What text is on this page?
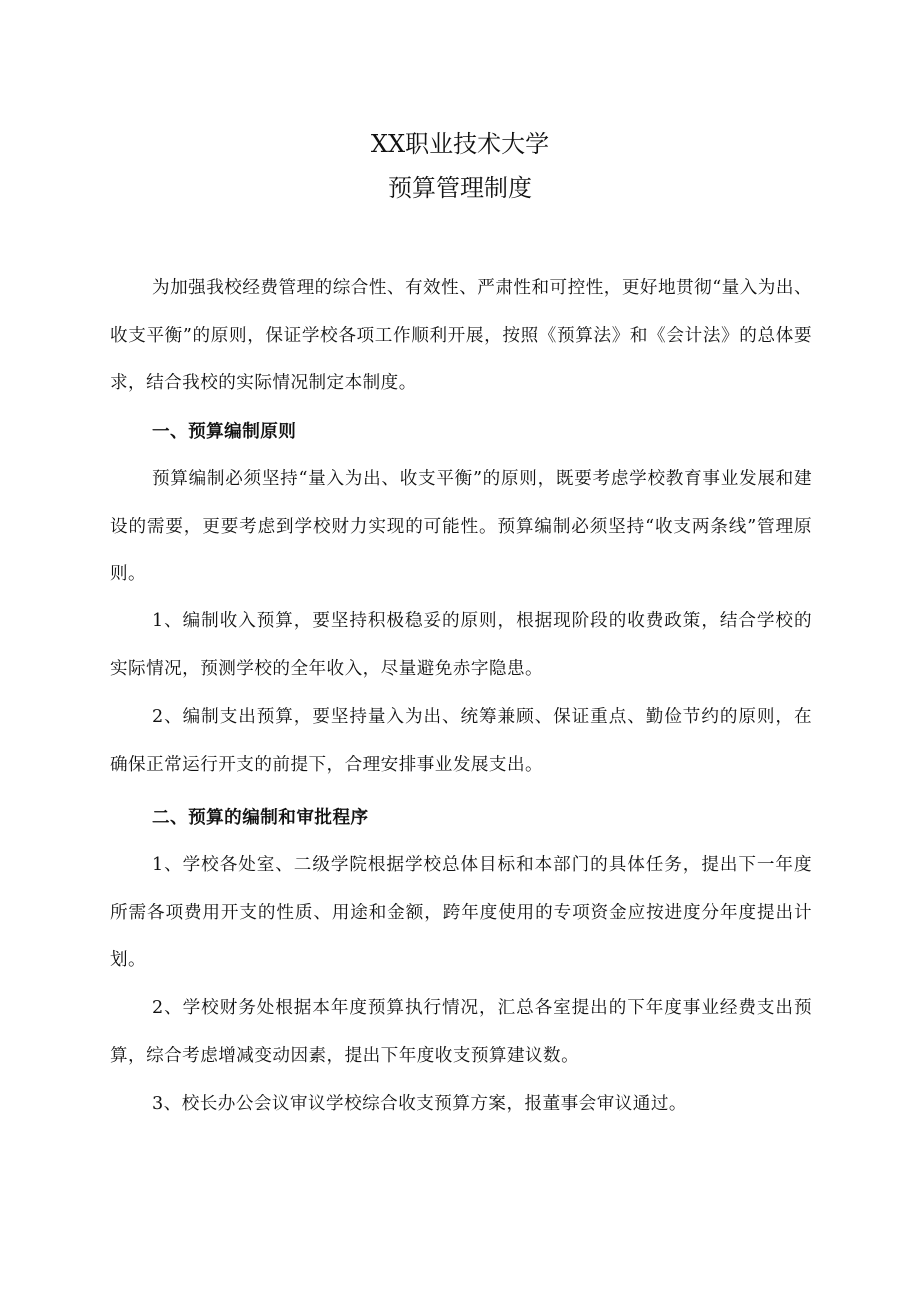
XX职业技术大学
预算管理制度

为加强我校经费管理的综合性、有效性、严肃性和可控性，更好地贯彻“量入为出、收支平衡”的原则，保证学校各项工作顺利开展，按照《预算法》和《会计法》的总体要求，结合我校的实际情况制定本制度。

一、预算编制原则

预算编制必须坚持“量入为出、收支平衡”的原则，既要考虑学校教育事业发展和建设的需要，更要考虑到学校财力实现的可能性。预算编制必须坚持“收支两条线”管理原则。

1、编制收入预算，要坚持积极稳妥的原则，根据现阶段的收费政策，结合学校的实际情况，预测学校的全年收入，尽量避免赤字隐患。

2、编制支出预算，要坚持量入为出、统筹兼顾、保证重点、勤俭节约的原则，在确保正常运行开支的前提下，合理安排事业发展支出。

二、预算的编制和审批程序

1、学校各处室、二级学院根据学校总体目标和本部门的具体任务，提出下一年度所需各项费用开支的性质、用途和金额，跨年度使用的专项资金应按进度分年度提出计划。

2、学校财务处根据本年度预算执行情况，汇总各室提出的下年度事业经费支出预算，综合考虑增减变动因素，提出下年度收支预算建议数。

3、校长办公会议审议学校综合收支预算方案，报董事会审议通过。
